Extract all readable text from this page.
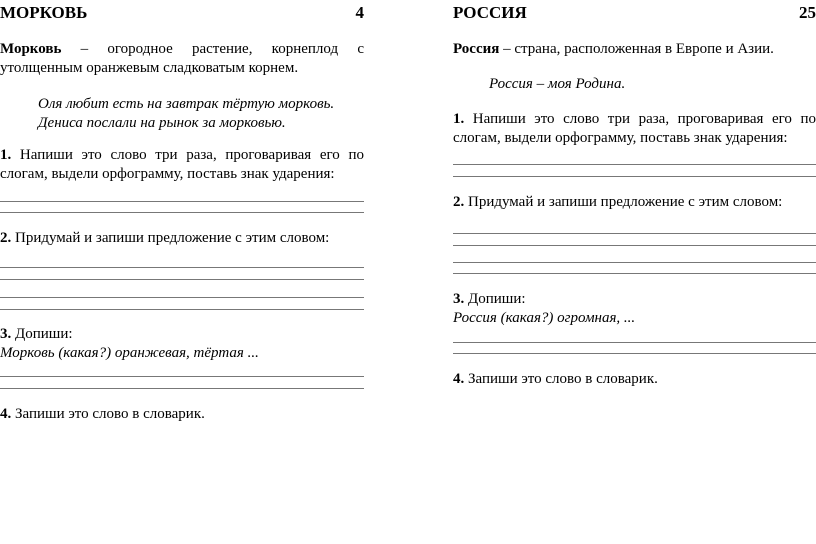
МОРКОВЬ	4
Морковь – огородное растение, корнеплод с утолщенным оранжевым сладковатым корнем.
Оля любит есть на завтрак тёртую морковь.
Дениса послали на рынок за морковью.
1. Напиши это слово три раза, проговаривая его по слогам, выдели орфограмму, поставь знак ударения:
2. Придумай и запиши предложение с этим словом:
3. Допиши:
Морковь (какая?) оранжевая, тёртая ...
4. Запиши это слово в словарик.
РОССИЯ	25
Россия – страна, расположенная в Европе и Азии.
Россия – моя Родина.
1. Напиши это слово три раза, проговаривая его по слогам, выдели орфограмму, поставь знак ударения:
2. Придумай и запиши предложение с этим словом:
3. Допиши:
Россия (какая?) огромная, ...
4. Запиши это слово в словарик.
